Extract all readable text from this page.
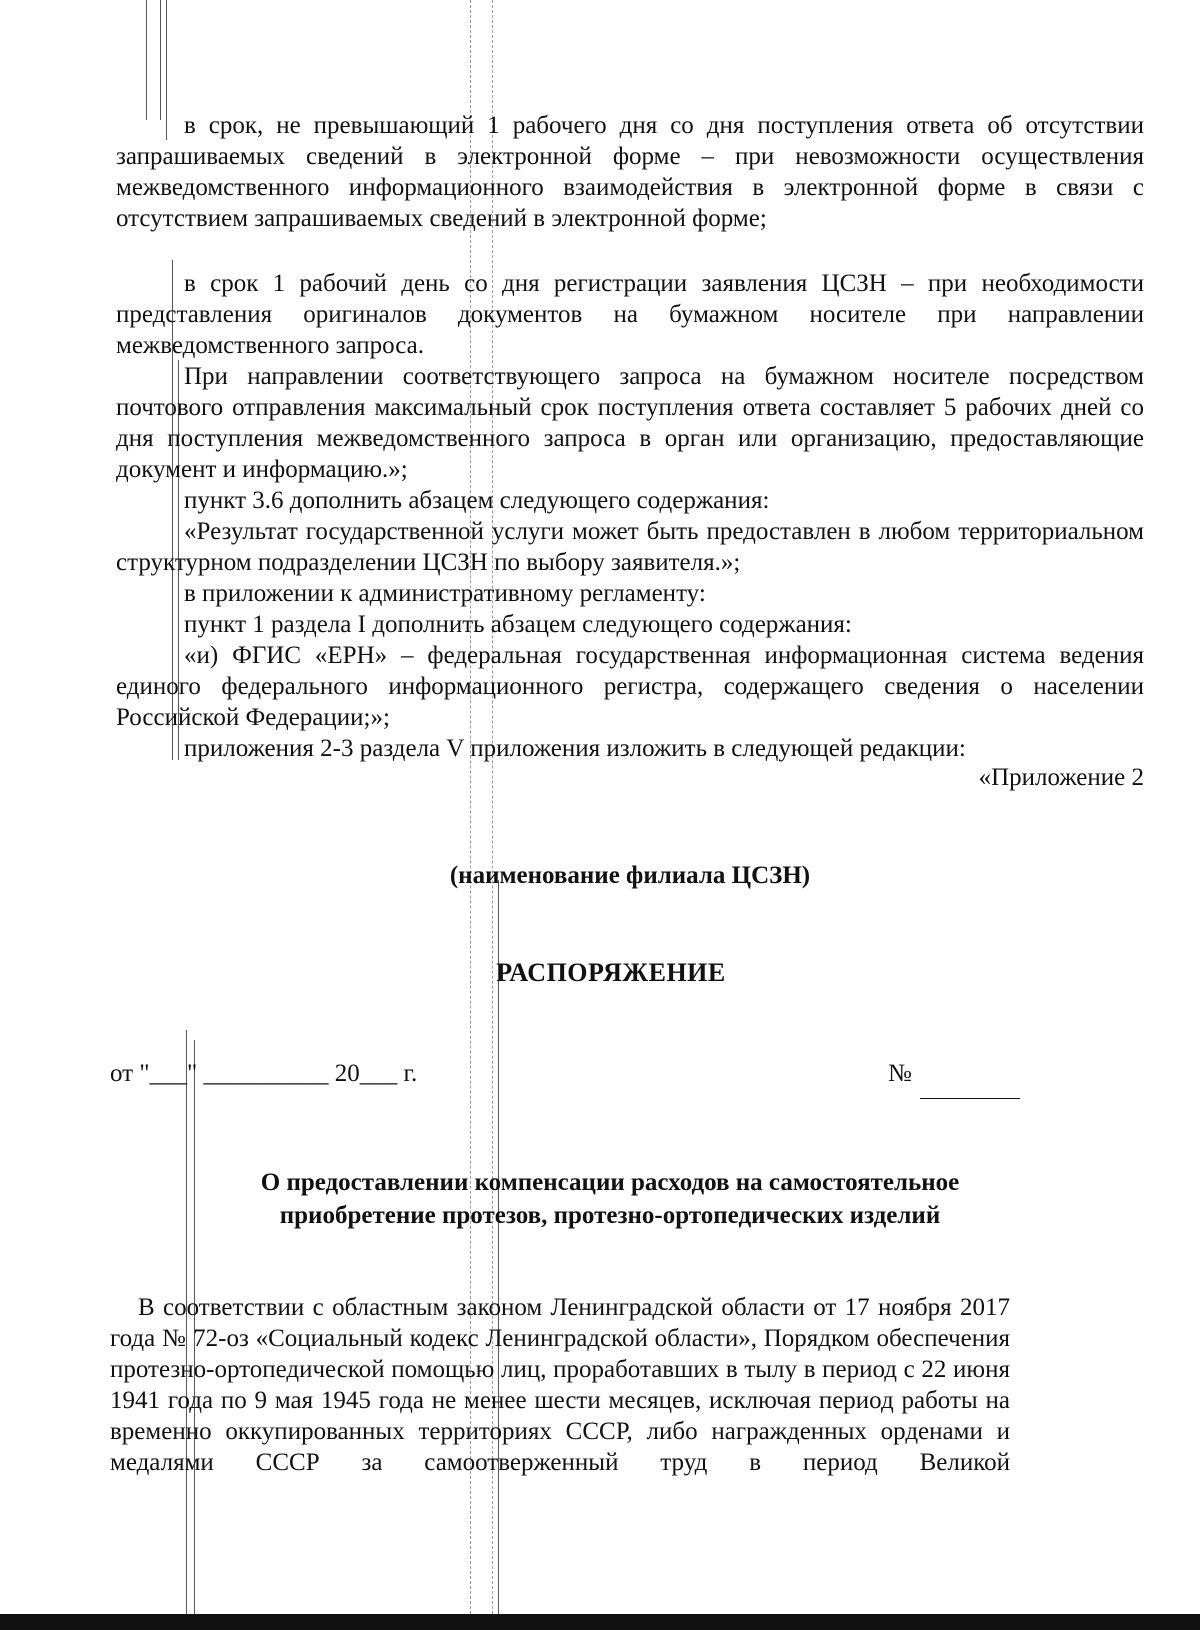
в срок, не превышающий 1 рабочего дня со дня поступления ответа об отсутствии запрашиваемых сведений в электронной форме – при невозможности осуществления межведомственного информационного взаимодействия в электронной форме в связи с отсутствием запрашиваемых сведений в электронной форме;

в срок 1 рабочий день со дня регистрации заявления ЦСЗН – при необходимости представления оригиналов документов на бумажном носителе при направлении межведомственного запроса.

При направлении соответствующего запроса на бумажном носителе посредством почтового отправления максимальный срок поступления ответа составляет 5 рабочих дней со дня поступления межведомственного запроса в орган или организацию, предоставляющие документ и информацию.»;

пункт 3.6 дополнить абзацем следующего содержания:

«Результат государственной услуги может быть предоставлен в любом территориальном структурном подразделении ЦСЗН по выбору заявителя.»;

в приложении к административному регламенту:

пункт 1 раздела I дополнить абзацем следующего содержания:

«и) ФГИС «ЕРН» – федеральная государственная информационная система ведения единого федерального информационного регистра, содержащего сведения о населении Российской Федерации;»;

приложения 2-3 раздела V приложения изложить в следующей редакции:

«Приложение 2
(наименование филиала ЦСЗН)
РАСПОРЯЖЕНИЕ
от "___" __________ 20___ г.	№
О предоставлении компенсации расходов на самостоятельное
приобретение протезов, протезно-ортопедических изделий

В соответствии с областным законом Ленинградской области от 17 ноября 2017 года № 72-оз «Социальный кодекс Ленинградской области», Порядком обеспечения протезно-ортопедической помощью лиц, проработавших в тылу в период с 22 июня 1941 года по 9 мая 1945 года не менее шести месяцев, исключая период работы на временно оккупированных территориях СССР, либо награжденных орденами и медалями СССР за самоотверженный труд в период Великой
